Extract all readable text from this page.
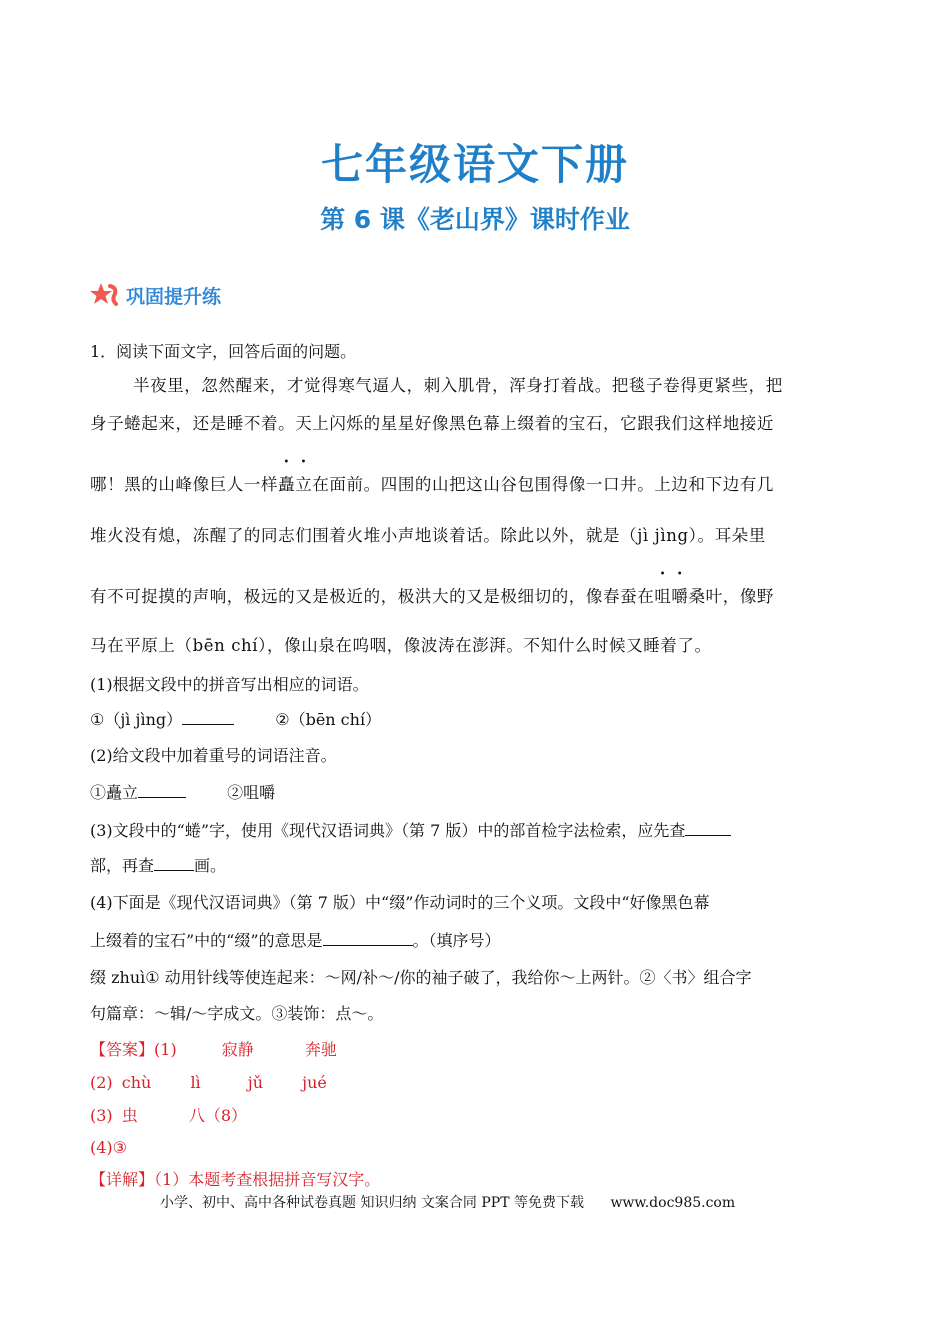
七年级语文下册
第 6 课《老山界》课时作业
巩固提升练
1．阅读下面文字，回答后面的问题。
半夜里，忽然醒来，才觉得寒气逼人，刺入肌骨，浑身打着战。把毯子卷得更紧些，把
身子蜷起来，还是睡不着。天上闪烁的星星好像黑色幕上缀着的宝石，它跟我们这样地接近
哪！黑的山峰像巨人一样矗立在面前。四围的山把这山谷包围得像一口井。上边和下边有几
堆火没有熄，冻醒了的同志们围着火堆小声地谈着话。除此以外，就是（jì jìng）。耳朵里
有不可捉摸的声响，极远的又是极近的，极洪大的又是极细切的，像春蚕在咀嚼桑叶，像野
马在平原上（bēn chí），像山泉在呜咽，像波涛在澎湃。不知什么时候又睡着了。
(1)根据文段中的拼音写出相应的词语。
①（jì jìng）	②（bēn chí）
(2)给文段中加着重号的词语注音。
①矗立	②咀嚼
(3)文段中的“蜷”字，使用《现代汉语词典》（第 7 版）中的部首检字法检索，应先查
部，再查	画。
(4)下面是《现代汉语词典》（第 7 版）中“缀”作动词时的三个义项。文段中“好像黑色幕
上缀着的宝石”中的“缀”的意思是	。（填序号）
缀 zhuì① 动用针线等使连起来：～网/补～/你的袖子破了，我给你～上两针。②〈书〉组合字
句篇章：～辑/～字成文。③装饰：点～。
【答案】(1)	寂静	奔驰
(2) chù lì	jǔ jué
(3) 虫	八（8）
(4)③
【详解】（1）本题考查根据拼音写汉字。
小学、初中、高中各种试卷真题 知识归纳 文案合同 PPT 等免费下载 www.doc985.com
